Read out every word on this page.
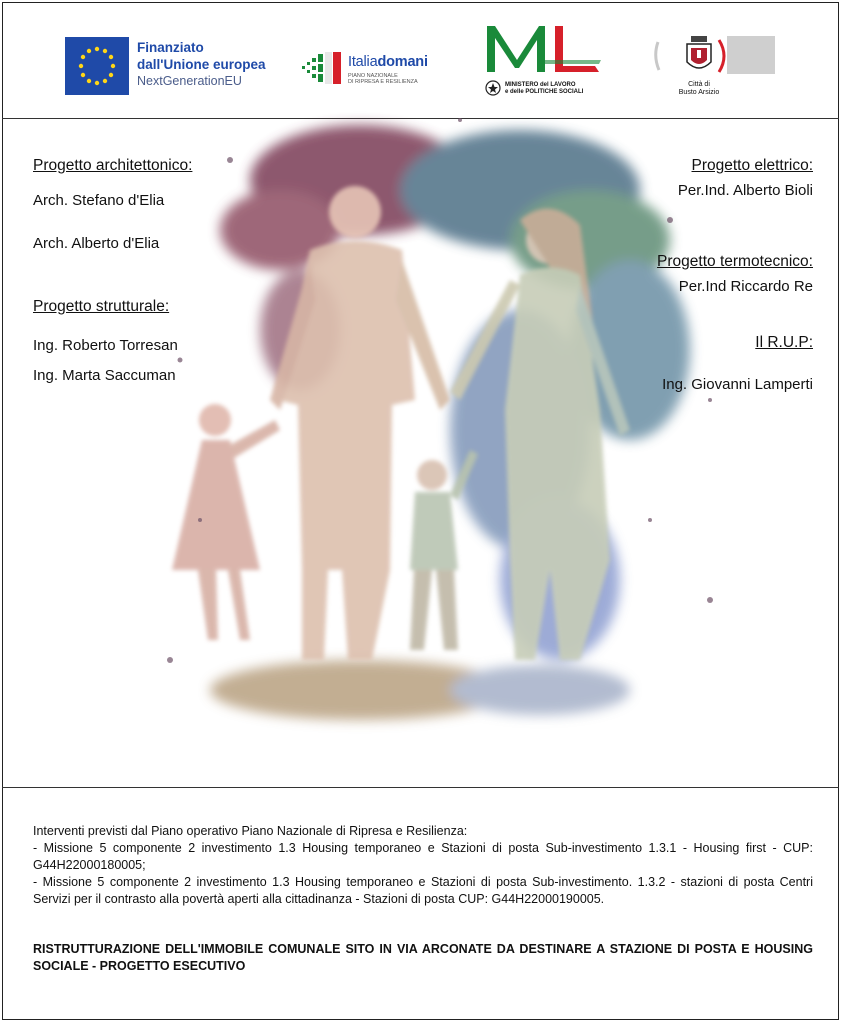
Finanziato
dall'Unione europea
NextGenerationEU
Italiadomani
PIANO NAZIONALE
DI RIPRESA E RESILIENZA	MINISTERO del LAVORO
e delle POLITICHE SOCIALI
Città di
Busto Arsizio
Progetto architettonico:
Arch. Stefano d'Elia
Arch. Alberto d'Elia
Progetto strutturale:
Ing. Roberto Torresan
Ing. Marta Saccuman
Progetto elettrico:
Per.Ind. Alberto Bioli
Progetto termotecnico:
Per.Ind Riccardo Re
Il R.U.P:
Ing. Giovanni Lamperti

Interventi previsti dal Piano operativo Piano Nazionale di Ripresa e Resilienza:

- Missione 5 componente 2 investimento 1.3 Housing temporaneo e Stazioni di posta Sub-investimento 1.3.1 - Housing first - CUP: G44H22000180005;

- Missione 5 componente 2 investimento 1.3 Housing temporaneo e Stazioni di posta Sub-investimento. 1.3.2 - stazioni di posta Centri Servizi per il contrasto alla povertà aperti alla cittadinanza - Stazioni di posta CUP: G44H22000190005.

RISTRUTTURAZIONE DELL'IMMOBILE COMUNALE SITO IN VIA ARCONATE DA DESTINARE A STAZIONE DI POSTA E HOUSING SOCIALE - PROGETTO ESECUTIVO
